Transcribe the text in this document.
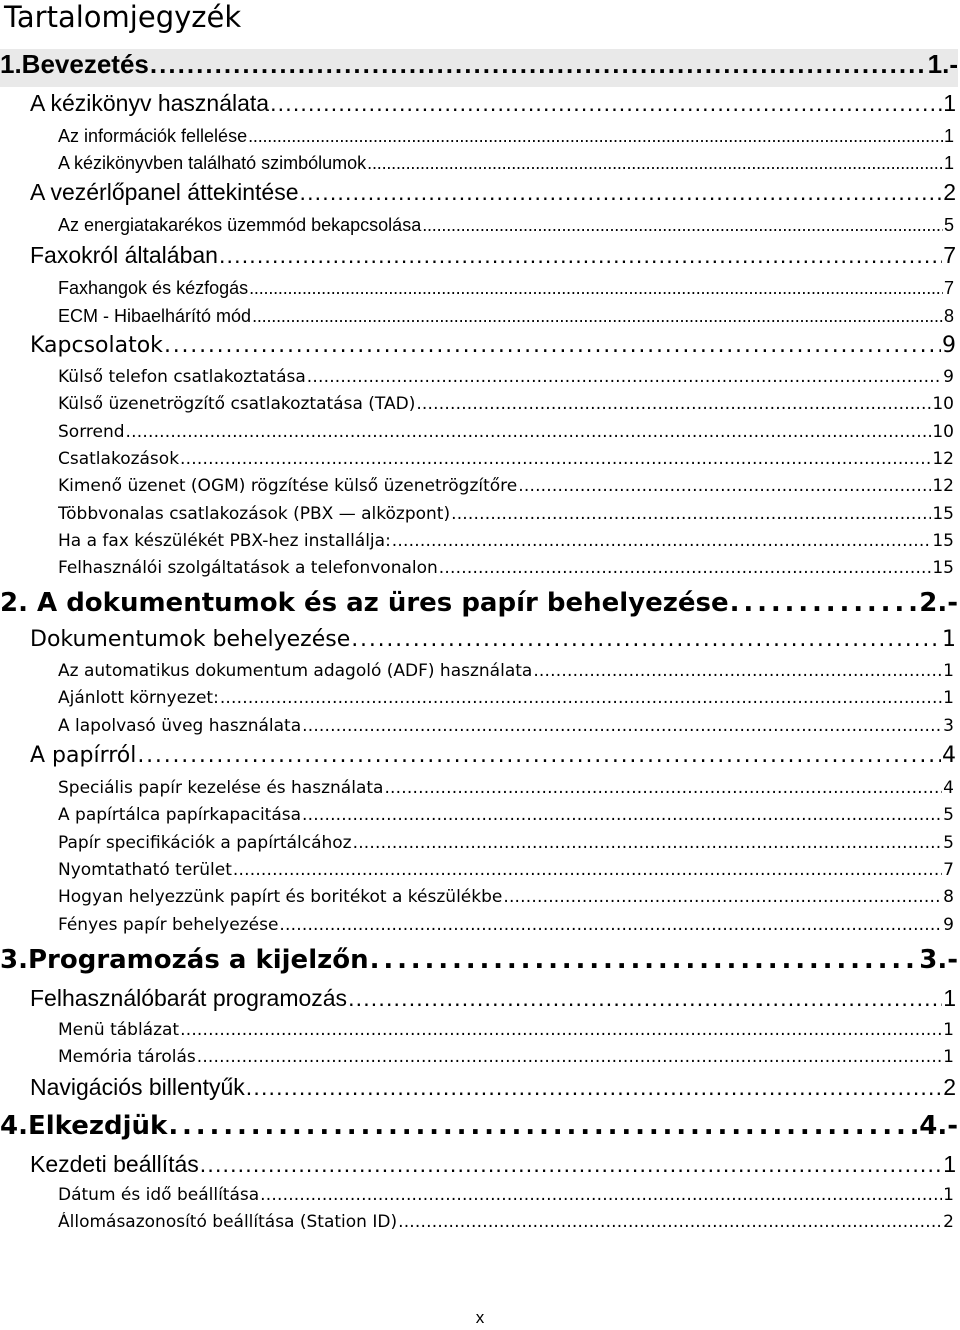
Tartalomjegyzék
1.Bevezetés . . .	1.-
A kézikönyv használata . . .	1
Az információk fellelése . . .	1
A kézikönyvben található szimbólumok . . .	1
A vezérlőpanel áttekintése . . .	2
Az energiatakarékos üzemmód bekapcsolása . . .	5
Faxokról általában . . .	7
Faxhangok és kézfogás . . .	7
ECM - Hibaelhárító mód . . .	8
Kapcsolatok . . .	9
Külső telefon csatlakoztatása . . .	9
Külső üzenetrögzítő csatlakoztatása (TAD) . . .	10
Sorrend . . .	10
Csatlakozások . . .	12
Kimenő üzenet (OGM) rögzítése külső üzenetrögzítőre . . .	12
Többvonalas csatlakozások (PBX — alközpont) . . .	15
Ha a fax készülékét PBX-hez installálja: . . .	15
Felhasználói szolgáltatások a telefonvonalon . . .	15
2. A dokumentumok és az üres papír behelyezése . . .	2.-
Dokumentumok behelyezése . . .	1
Az automatikus dokumentum adagoló (ADF) használata . . .	1
Ajánlott környezet: . . .	1
A lapolvasó üveg használata . . .	3
A papírról . . .	4
Speciális papír kezelése és használata . . .	4
A papírtálca papírkapacitása . . .	5
Papír specifikációk a papírtálcához . . .	5
Nyomtatható terület . . .	7
Hogyan helyezzünk papírt és boritékot a készülékbe . . .	8
Fényes papír behelyezése . . .	9
3.Programozás a kijelzőn . . .	3.-
Felhasználóbarát programozás . . .	1
Menü táblázat . . .	1
Memória tárolás . . .	1
Navigációs billentyűk . . .	2
4.Elkezdjük . . .	4.-
Kezdeti beállítás . . .	1
Dátum és idő beállítása . . .	1
Állomásazonosító beállítása (Station ID) . . .	2
x
